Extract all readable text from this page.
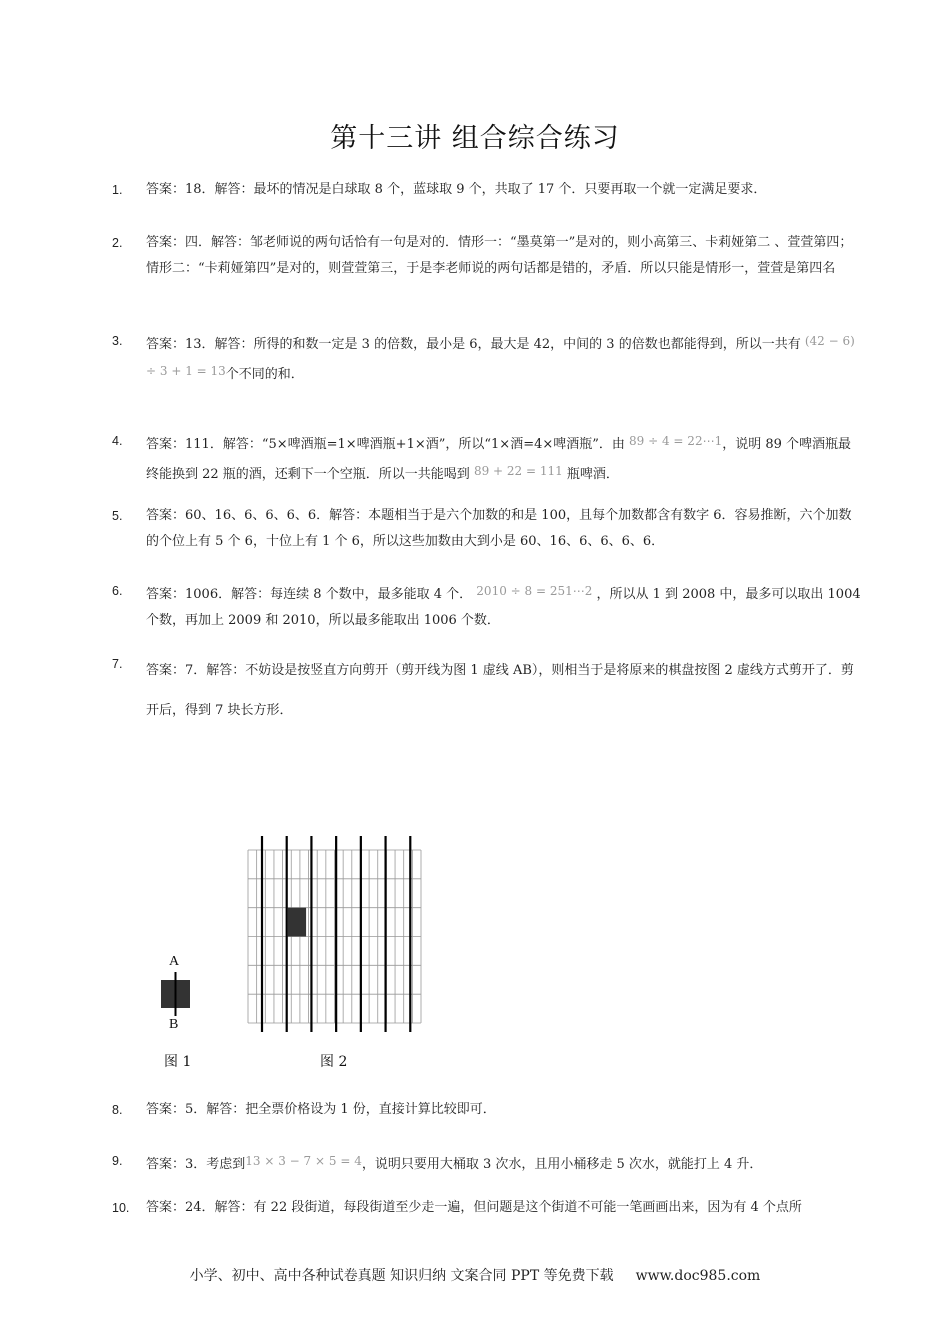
第十三讲 组合综合练习
1.
2.
3.
4.
5.
6.
7.
8.
9.
10.
答案：18．解答：最坏的情况是白球取 8 个，蓝球取 9 个，共取了 17 个．只要再取一个就一定满足要求．
答案：四．解答：邹老师说的两句话恰有一句是对的．情形一：“墨莫第一”是对的，则小高第三、卡莉娅第二 、萱萱第四；情形二：“卡莉娅第四”是对的，则萱萱第三，于是李老师说的两句话都是错的，矛盾．所以只能是情形一，萱萱是第四名
答案：13．解答：所得的和数一定是 3 的倍数，最小是 6，最大是 42，中间的 3 的倍数也都能得到，所以一共有 (42 − 6) ÷ 3 + 1 = 13个不同的和．
答案：111．解答：“5×啤酒瓶=1×啤酒瓶+1×酒”，所以“1×酒=4×啤酒瓶”．由 89 ÷ 4 = 22⋯1，说明 89 个啤酒瓶最终能换到 22 瓶的酒，还剩下一个空瓶．所以一共能喝到 89 + 22 = 111 瓶啤酒．
答案：60、16、6、6、6、6．解答：本题相当于是六个加数的和是 100，且每个加数都含有数字 6．容易推断，六个加数的个位上有 5 个 6，十位上有 1 个 6，所以这些加数由大到小是 60、16、6、6、6、6．
答案：1006．解答：每连续 8 个数中，最多能取 4 个． 2010 ÷ 8 = 251⋯2 ，所以从 1 到 2008 中，最多可以取出 1004 个数，再加上 2009 和 2010，所以最多能取出 1006 个数．
答案：7．解答：不妨设是按竖直方向剪开（剪开线为图 1 虚线 AB），则相当于是将原来的棋盘按图 2 虚线方式剪开了．剪开后，得到 7 块长方形．
答案：5．解答：把全票价格设为 1 份，直接计算比较即可．
答案：3．考虑到13 × 3 − 7 × 5 = 4，说明只要用大桶取 3 次水，且用小桶移走 5 次水，就能打上 4 升．
答案：24．解答：有 22 段街道，每段街道至少走一遍，但问题是这个街道不可能一笔画画出来，因为有 4 个点所
A
B
图 1	图 2
小学、初中、高中各种试卷真题 知识归纳 文案合同 PPT 等免费下载 www.doc985.com
